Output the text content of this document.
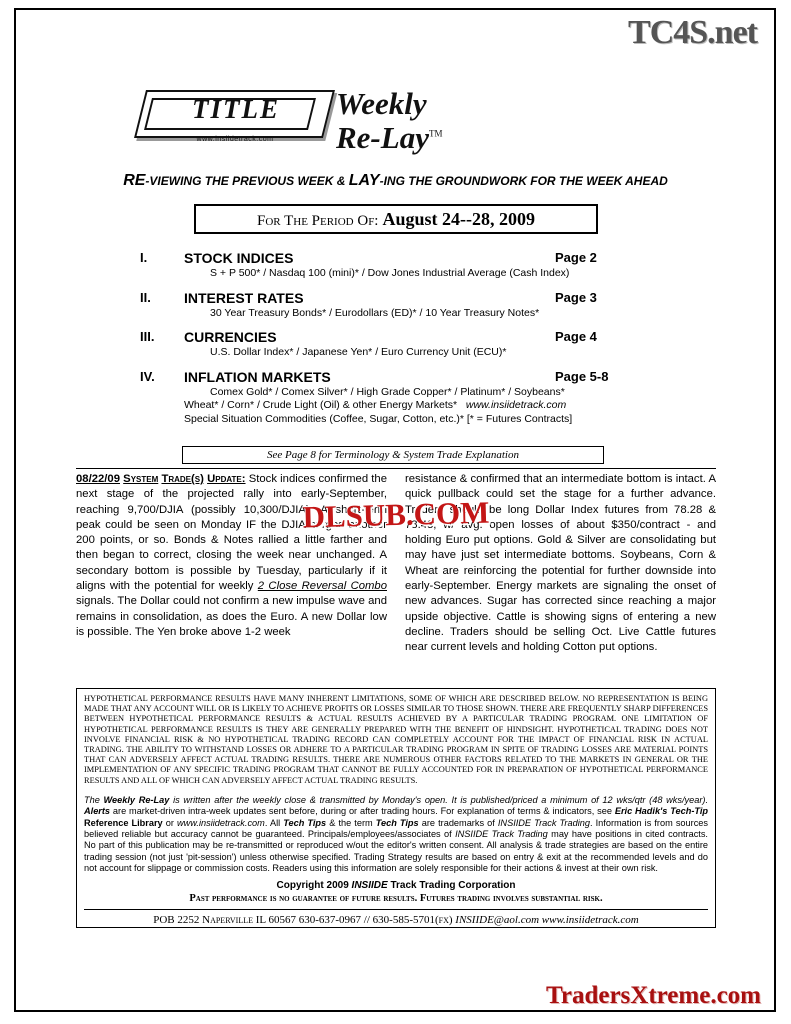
TC4S.net
TITLE
www.insiidetrack.com
Weekly
Re-Lay™
RE-VIEWING THE PREVIOUS WEEK & LAY-ING THE GROUNDWORK FOR THE WEEK AHEAD
For The Period Of: August 24--28, 2009
I.	STOCK INDICES	Page 2
S + P 500* / Nasdaq 100 (mini)* / Dow Jones Industrial Average (Cash Index)
II. INTEREST RATES	Page 3
30 Year Treasury Bonds* / Eurodollars (ED)* / 10 Year Treasury Notes*
III. CURRENCIES	Page 4
U.S. Dollar Index* / Japanese Yen* / Euro Currency Unit (ECU)*
IV. INFLATION MARKETS	Page 5-8
Comex Gold* / Comex Silver* / High Grade Copper* / Platinum* / Soybeans*
Wheat* / Corn* / Crude Light (Oil) & other Energy Markets* www.insiidetrack.com
Special Situation Commodities (Coffee, Sugar, Cotton, etc.)* [* = Futures Contracts]
See Page 8 for Terminology & System Trade Explanation
08/22/09 System Trade(s) Update: Stock indices confirmed the next stage of the projected rally into early-September, reaching 9,700/DJIA (possibly 10,300/DJIA). A short-term peak could be seen on Monday IF the DJIA surges another 200 points, or so. Bonds & Notes rallied a little farther and then began to correct, closing the week near unchanged. A secondary bottom is possible by Tuesday, particularly if it aligns with the potential for weekly 2 Close Reversal Combo signals. The Dollar could not confirm a new impulse wave and remains in consolidation, as does the Euro. A new Dollar low is possible. The Yen broke above 1-2 week
resistance & confirmed that an intermediate bottom is intact. A quick pullback could set the stage for a further advance. Traders should be long Dollar Index futures from 78.28 & 78.43, w/ avg. open losses of about $350/contract - and holding Euro put options. Gold & Silver are consolidating but may have just set intermediate bottoms. Soybeans, Corn & Wheat are reinforcing the potential for further downside into early-September. Energy markets are signaling the onset of new advances. Sugar has corrected since reaching a major upside objective. Cattle is showing signs of entering a new decline. Traders should be selling Oct. Live Cattle futures near current levels and holding Cotton put options.
DLSUB.COM
HYPOTHETICAL PERFORMANCE RESULTS HAVE MANY INHERENT LIMITATIONS, SOME OF WHICH ARE DESCRIBED BELOW. NO REPRESENTATION IS BEING MADE THAT ANY ACCOUNT WILL OR IS LIKELY TO ACHIEVE PROFITS OR LOSSES SIMILAR TO THOSE SHOWN. THERE ARE FREQUENTLY SHARP DIFFERENCES BETWEEN HYPOTHETICAL PERFORMANCE RESULTS & ACTUAL RESULTS ACHIEVED BY A PARTICULAR TRADING PROGRAM. ONE LIMITATION OF HYPOTHETICAL PERFORMANCE RESULTS IS THEY ARE GENERALLY PREPARED WITH THE BENEFIT OF HINDSIGHT. HYPOTHETICAL TRADING DOES NOT INVOLVE FINANCIAL RISK & NO HYPOTHETICAL TRADING RECORD CAN COMPLETELY ACCOUNT FOR THE IMPACT OF FINANCIAL RISK IN ACTUAL TRADING. THE ABILITY TO WITHSTAND LOSSES OR ADHERE TO A PARTICULAR TRADING PROGRAM IN SPITE OF TRADING LOSSES ARE MATERIAL POINTS THAT CAN ADVERSELY AFFECT ACTUAL TRADING RESULTS. THERE ARE NUMEROUS OTHER FACTORS RELATED TO THE MARKETS IN GENERAL OR THE IMPLEMENTATION OF ANY SPECIFIC TRADING PROGRAM THAT CANNOT BE FULLY ACCOUNTED FOR IN PREPARATION OF HYPOTHETICAL PERFORMANCE RESULTS AND ALL OF WHICH CAN ADVERSELY AFFECT ACTUAL TRADING RESULTS.
The Weekly Re-Lay is written after the weekly close & transmitted by Monday's open. It is published/priced a minimum of 12 wks/qtr (48 wks/year). Alerts are market-driven intra-week updates sent before, during or after trading hours. For explanation of terms & indicators, see Eric Hadik's Tech-Tip Reference Library or www.insiidetrack.com. All Tech Tips & the term Tech Tips are trademarks of INSIIDE Track Trading. Information is from sources believed reliable but accuracy cannot be guaranteed. Principals/employees/associates of INSIIDE Track Trading may have positions in cited contracts. No part of this publication may be re-transmitted or reproduced w/out the editor's written consent. All analysis & trade strategies are based on the entire trading session (not just 'pit-session') unless otherwise specified. Trading Strategy results are based on entry & exit at the recommended levels and do not account for slippage or commission costs. Readers using this information are solely responsible for their actions & invest at their own risk.
Copyright 2009 INSIIDE Track Trading Corporation
Past performance is no guarantee of future results. Futures trading involves substantial risk.
POB 2252 Naperville IL 60567 630-637-0967 // 630-585-5701(fx) INSIIDE@aol.com www.insiidetrack.com
TradersXtreme.com
